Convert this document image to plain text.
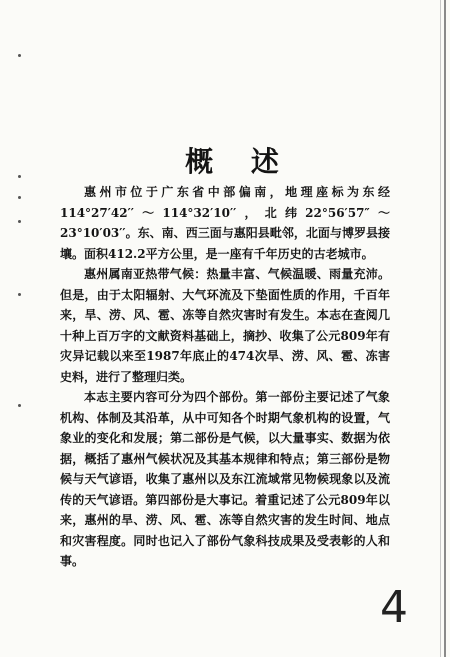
概 述

惠州市位于广东省中部偏南，地理座标为东经114°27′42′′～114°32′10′′，北纬22°56′57″～23°10′03′′。东、南、西三面与惠阳县毗邻，北面与博罗县接壤。面积412.2平方公里，是一座有千年历史的古老城市。

惠州属南亚热带气候：热量丰富、气候温暖、雨量充沛。但是，由于太阳辐射、大气环流及下垫面性质的作用，千百年来，旱、涝、风、雹、冻等自然灾害时有发生。本志在查阅几十种上百万字的文献资料基础上，摘抄、收集了公元809年有灾异记载以来至1987年底止的474次旱、涝、风、雹、冻害史料，进行了整理归类。

本志主要内容可分为四个部份。第一部份主要记述了气象机构、体制及其沿革，从中可知各个时期气象机构的设置，气象业的变化和发展；第二部份是气候，以大量事实、数据为依据，概括了惠州气候状况及其基本规律和特点；第三部份是物候与天气谚语，收集了惠州以及东江流域常见物候现象以及流传的天气谚语。第四部份是大事记。着重记述了公元809年以来，惠州的旱、涝、风、雹、冻等自然灾害的发生时间、地点和灾害程度。同时也记入了部份气象科技成果及受表彰的人和事。

4
